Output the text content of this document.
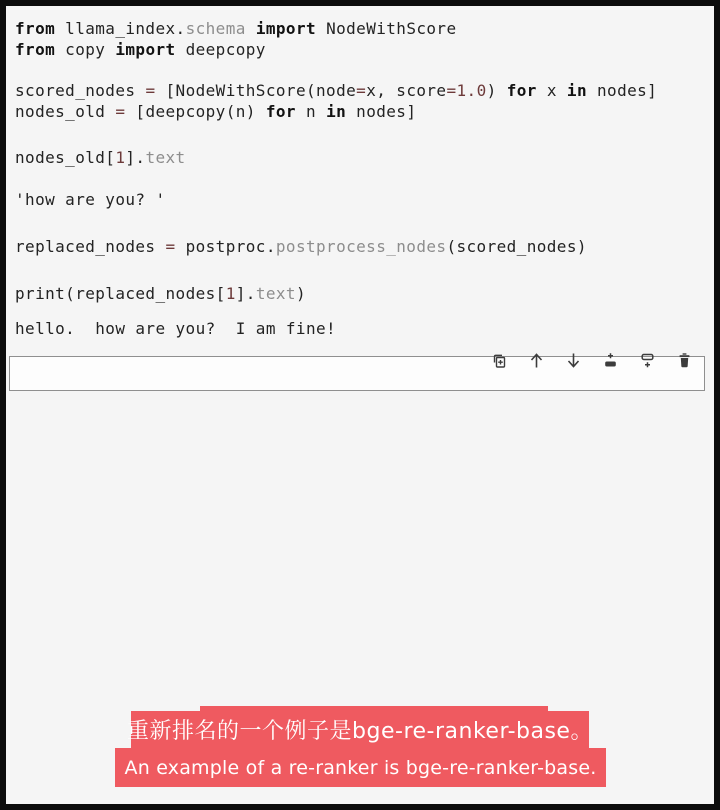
from llama_index.schema import NodeWithScore
from copy import deepcopy
scored_nodes = [NodeWithScore(node=x, score=1.0) for x in nodes]
nodes_old = [deepcopy(n) for n in nodes]
nodes_old[1].text
'how are you? '
replaced_nodes = postproc.postprocess_nodes(scored_nodes)
print(replaced_nodes[1].text)
hello.  how are you?  I am fine!
重新排名的一个例子是bge-re-ranker-base。
An example of a re-ranker is bge-re-ranker-base.
